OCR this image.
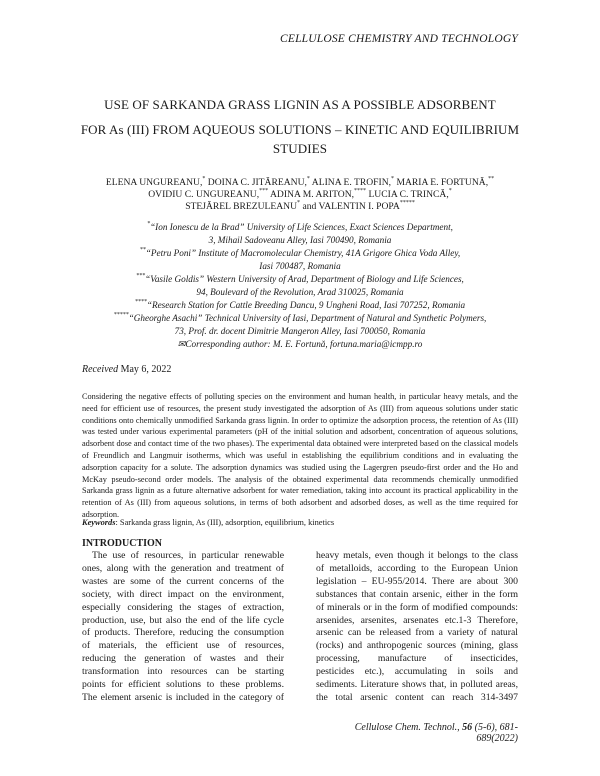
CELLULOSE CHEMISTRY AND TECHNOLOGY
USE OF SARKANDA GRASS LIGNIN AS A POSSIBLE ADSORBENT
FOR As (III) FROM AQUEOUS SOLUTIONS – KINETIC AND EQUILIBRIUM
STUDIES
ELENA UNGUREANU,* DOINA C. JITĂREANU,* ALINA E. TROFIN,* MARIA E. FORTUNĂ,**
OVIDIU C. UNGUREANU,*** ADINA M. ARITON,**** LUCIA C. TRINCĂ,*
STEJĂREL BREZULEANU* and VALENTIN I. POPA*****
*“Ion Ionescu de la Brad” University of Life Sciences, Exact Sciences Department,
3, Mihail Sadoveanu Alley, Iasi 700490, Romania
**“Petru Poni” Institute of Macromolecular Chemistry, 41A Grigore Ghica Voda Alley,
Iasi 700487, Romania
***“Vasile Goldis” Western University of Arad, Department of Biology and Life Sciences,
94, Boulevard of the Revolution, Arad 310025, Romania
****“Research Station for Cattle Breeding Dancu, 9 Ungheni Road, Iasi 707252, Romania
*****“Gheorghe Asachi” Technical University of Iasi, Department of Natural and Synthetic Polymers,
73, Prof. dr. docent Dimitrie Mangeron Alley, Iasi 700050, Romania
✉Corresponding author: M. E. Fortună, fortuna.maria@icmpp.ro
Received May 6, 2022
Considering the negative effects of polluting species on the environment and human health, in particular heavy metals, and the need for efficient use of resources, the present study investigated the adsorption of As (III) from aqueous solutions under static conditions onto chemically unmodified Sarkanda grass lignin. In order to optimize the adsorption process, the retention of As (III) was tested under various experimental parameters (pH of the initial solution and adsorbent, concentration of aqueous solutions, adsorbent dose and contact time of the two phases). The experimental data obtained were interpreted based on the classical models of Freundlich and Langmuir isotherms, which was useful in establishing the equilibrium conditions and in evaluating the adsorption capacity for a solute. The adsorption dynamics was studied using the Lagergren pseudo-first order and the Ho and McKay pseudo-second order models. The analysis of the obtained experimental data recommends chemically unmodified Sarkanda grass lignin as a future alternative adsorbent for water remediation, taking into account its practical applicability in the retention of As (III) from aqueous solutions, in terms of both adsorbent and adsorbed doses, as well as the time required for adsorption.
Keywords: Sarkanda grass lignin, As (III), adsorption, equilibrium, kinetics
INTRODUCTION
The use of resources, in particular renewable
ones, along with the generation and treatment of
wastes are some of the current concerns of the
society, with direct impact on the environment,
especially considering the stages of extraction,
production, use, but also the end of the life cycle
of products. Therefore, reducing the consumption
of materials, the efficient use of resources,
reducing the generation of wastes and their
transformation into resources can be starting
points for efficient solutions to these problems.
The element arsenic is included in the category of
heavy metals, even though it belongs to the class
of metalloids, according to the European Union
legislation – EU-955/2014. There are about 300
substances that contain arsenic, either in the form
of minerals or in the form of modified compounds:
arsenides, arsenites, arsenates etc.1-3 Therefore,
arsenic can be released from a variety of natural
(rocks) and anthropogenic sources (mining, glass
processing, manufacture of insecticides,
pesticides etc.), accumulating in soils and
sediments. Literature shows that, in polluted areas,
the total arsenic content can reach 314-3497
Cellulose Chem. Technol., 56 (5-6), 681-689(2022)
